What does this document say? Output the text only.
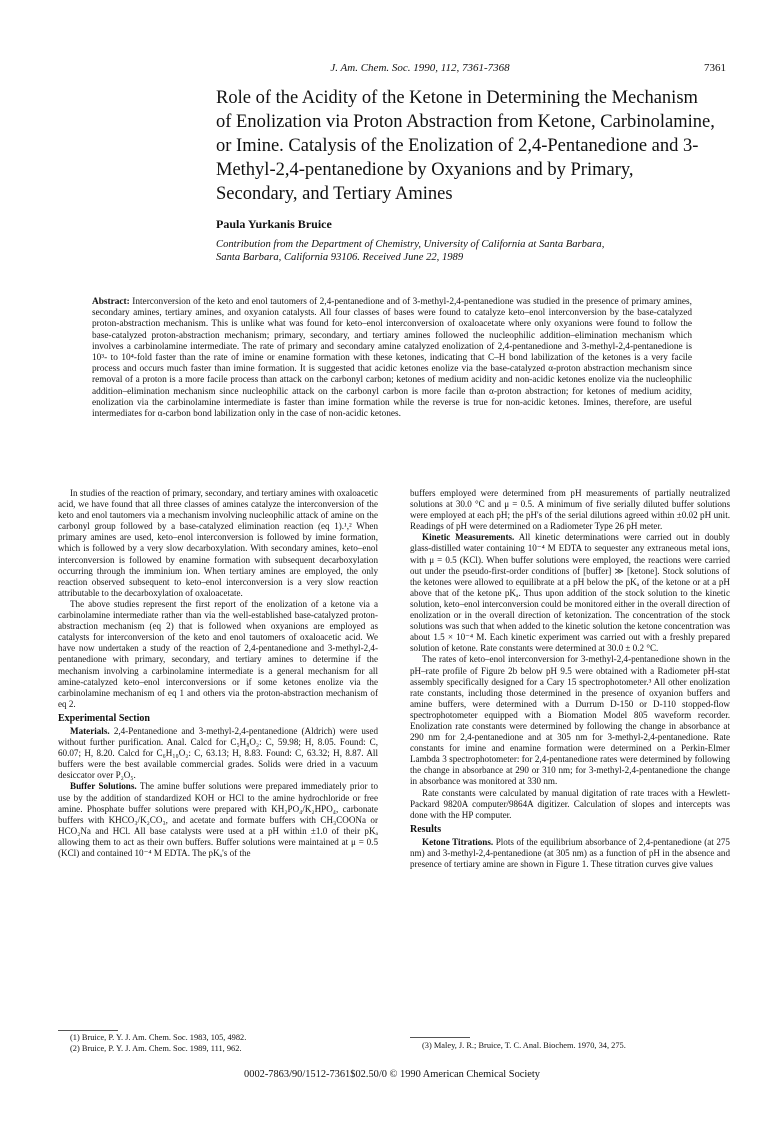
J. Am. Chem. Soc. 1990, 112, 7361-7368	7361
Role of the Acidity of the Ketone in Determining the Mechanism of Enolization via Proton Abstraction from Ketone, Carbinolamine, or Imine. Catalysis of the Enolization of 2,4-Pentanedione and 3-Methyl-2,4-pentanedione by Oxyanions and by Primary, Secondary, and Tertiary Amines
Paula Yurkanis Bruice
Contribution from the Department of Chemistry, University of California at Santa Barbara,
Santa Barbara, California 93106. Received June 22, 1989

Abstract: Interconversion of the keto and enol tautomers of 2,4-pentanedione and of 3-methyl-2,4-pentanedione was studied in the presence of primary amines, secondary amines, tertiary amines, and oxyanion catalysts. All four classes of bases were found to catalyze keto–enol interconversion by the base-catalyzed proton-abstraction mechanism. This is unlike what was found for keto–enol interconversion of oxaloacetate where only oxyanions were found to follow the base-catalyzed proton-abstraction mechanism; primary, secondary, and tertiary amines followed the nucleophilic addition–elimination mechanism which involves a carbinolamine intermediate. The rate of primary and secondary amine catalyzed enolization of 2,4-pentanedione and 3-methyl-2,4-pentanedione is 10³- to 10⁴-fold faster than the rate of imine or enamine formation with these ketones, indicating that C–H bond labilization of the ketones is a very facile process and occurs much faster than imine formation. It is suggested that acidic ketones enolize via the base-catalyzed α-proton abstraction mechanism since removal of a proton is a more facile process than attack on the carbonyl carbon; ketones of medium acidity and non-acidic ketones enolize via the nucleophilic addition–elimination mechanism since nucleophilic attack on the carbonyl carbon is more facile than α-proton abstraction; for ketones of medium acidity, enolization via the carbinolamine intermediate is faster than imine formation while the reverse is true for non-acidic ketones. Imines, therefore, are useful intermediates for α-carbon bond labilization only in the case of non-acidic ketones.

In studies of the reaction of primary, secondary, and tertiary amines with oxaloacetic acid, we have found that all three classes of amines catalyze the interconversion of the keto and enol tautomers via a mechanism involving nucleophilic attack of amine on the carbonyl group followed by a base-catalyzed elimination reaction (eq 1).¹,² When primary amines are used, keto–enol interconversion is followed by imine formation, which is followed by a very slow decarboxylation. With secondary amines, keto–enol interconversion is followed by enamine formation with subsequent decarboxylation occurring through the imminium ion. When tertiary amines are employed, the only reaction observed subsequent to keto–enol interconversion is a very slow reaction attributable to the decarboxylation of oxaloacetate.

The above studies represent the first report of the enolization of a ketone via a carbinolamine intermediate rather than via the well-established base-catalyzed proton-abstraction mechanism (eq 2) that is followed when oxyanions are employed as catalysts for interconversion of the keto and enol tautomers of oxaloacetic acid. We have now undertaken a study of the reaction of 2,4-pentanedione and 3-methyl-2,4-pentanedione with primary, secondary, and tertiary amines to determine if the mechanism involving a carbinolamine intermediate is a general mechanism for all amine-catalyzed keto–enol interconversions or if some ketones enolize via the carbinolamine mechanism of eq 1 and others via the proton-abstraction mechanism of eq 2.

Experimental Section

Materials. 2,4-Pentanedione and 3-methyl-2,4-pentanedione (Aldrich) were used without further purification. Anal. Calcd for C₅H₈O₂: C, 59.98; H, 8.05. Found: C, 60.07; H, 8.20. Calcd for C₆H₁₀O₂: C, 63.13; H, 8.83. Found: C, 63.32; H, 8.87. All buffers were the best available commercial grades. Solids were dried in a vacuum desiccator over P₂O₅.

Buffer Solutions. The amine buffer solutions were prepared immediately prior to use by the addition of standardized KOH or HCl to the amine hydrochloride or free amine. Phosphate buffer solutions were prepared with KH₂PO₄/K₂HPO₄, carbonate buffers with KHCO₃/K₂CO₃, and acetate and formate buffers with CH₃COONa or HCO₂Na and HCl. All base catalysts were used at a pH within ±1.0 of their pKₐ allowing them to act as their own buffers. Buffer solutions were maintained at μ = 0.5 (KCl) and contained 10⁻⁴ M EDTA. The pKₐ's of the

buffers employed were determined from pH measurements of partially neutralized solutions at 30.0 °C and μ = 0.5. A minimum of five serially diluted buffer solutions were employed at each pH; the pH's of the serial dilutions agreed within ±0.02 pH unit. Readings of pH were determined on a Radiometer Type 26 pH meter.

Kinetic Measurements. All kinetic determinations were carried out in doubly glass-distilled water containing 10⁻⁴ M EDTA to sequester any extraneous metal ions, with μ = 0.5 (KCl). When buffer solutions were employed, the reactions were carried out under the pseudo-first-order conditions of [buffer] ≫ [ketone]. Stock solutions of the ketones were allowed to equilibrate at a pH below the pKₐ of the ketone or at a pH above that of the ketone pKₐ. Thus upon addition of the stock solution to the kinetic solution, keto–enol interconversion could be monitored either in the overall direction of enolization or in the overall direction of ketonization. The concentration of the stock solutions was such that when added to the kinetic solution the ketone concentration was about 1.5 × 10⁻⁴ M. Each kinetic experiment was carried out with a freshly prepared solution of ketone. Rate constants were determined at 30.0 ± 0.2 °C.

The rates of keto–enol interconversion for 3-methyl-2,4-pentanedione shown in the pH–rate profile of Figure 2b below pH 9.5 were obtained with a Radiometer pH-stat assembly specifically designed for a Cary 15 spectrophotometer.³ All other enolization rate constants, including those determined in the presence of oxyanion buffers and amine buffers, were determined with a Durrum D-150 or D-110 stopped-flow spectrophotometer equipped with a Biomation Model 805 waveform recorder. Enolization rate constants were determined by following the change in absorbance at 290 nm for 2,4-pentanedione and at 305 nm for 3-methyl-2,4-pentanedione. Rate constants for imine and enamine formation were determined on a Perkin-Elmer Lambda 3 spectrophotometer: for 2,4-pentanedione rates were determined by following the change in absorbance at 290 or 310 nm; for 3-methyl-2,4-pentanedione the change in absorbance was monitored at 330 nm.

Rate constants were calculated by manual digitation of rate traces with a Hewlett-Packard 9820A computer/9864A digitizer. Calculation of slopes and intercepts was done with the HP computer.

Results

Ketone Titrations. Plots of the equilibrium absorbance of 2,4-pentanedione (at 275 nm) and 3-methyl-2,4-pentanedione (at 305 nm) as a function of pH in the absence and presence of tertiary amine are shown in Figure 1. These titration curves give values

(1) Bruice, P. Y. J. Am. Chem. Soc. 1983, 105, 4982.
(2) Bruice, P. Y. J. Am. Chem. Soc. 1989, 111, 962.	(3) Maley, J. R.; Bruice, T. C. Anal. Biochem. 1970, 34, 275.
0002-7863/90/1512-7361$02.50/0 © 1990 American Chemical Society
